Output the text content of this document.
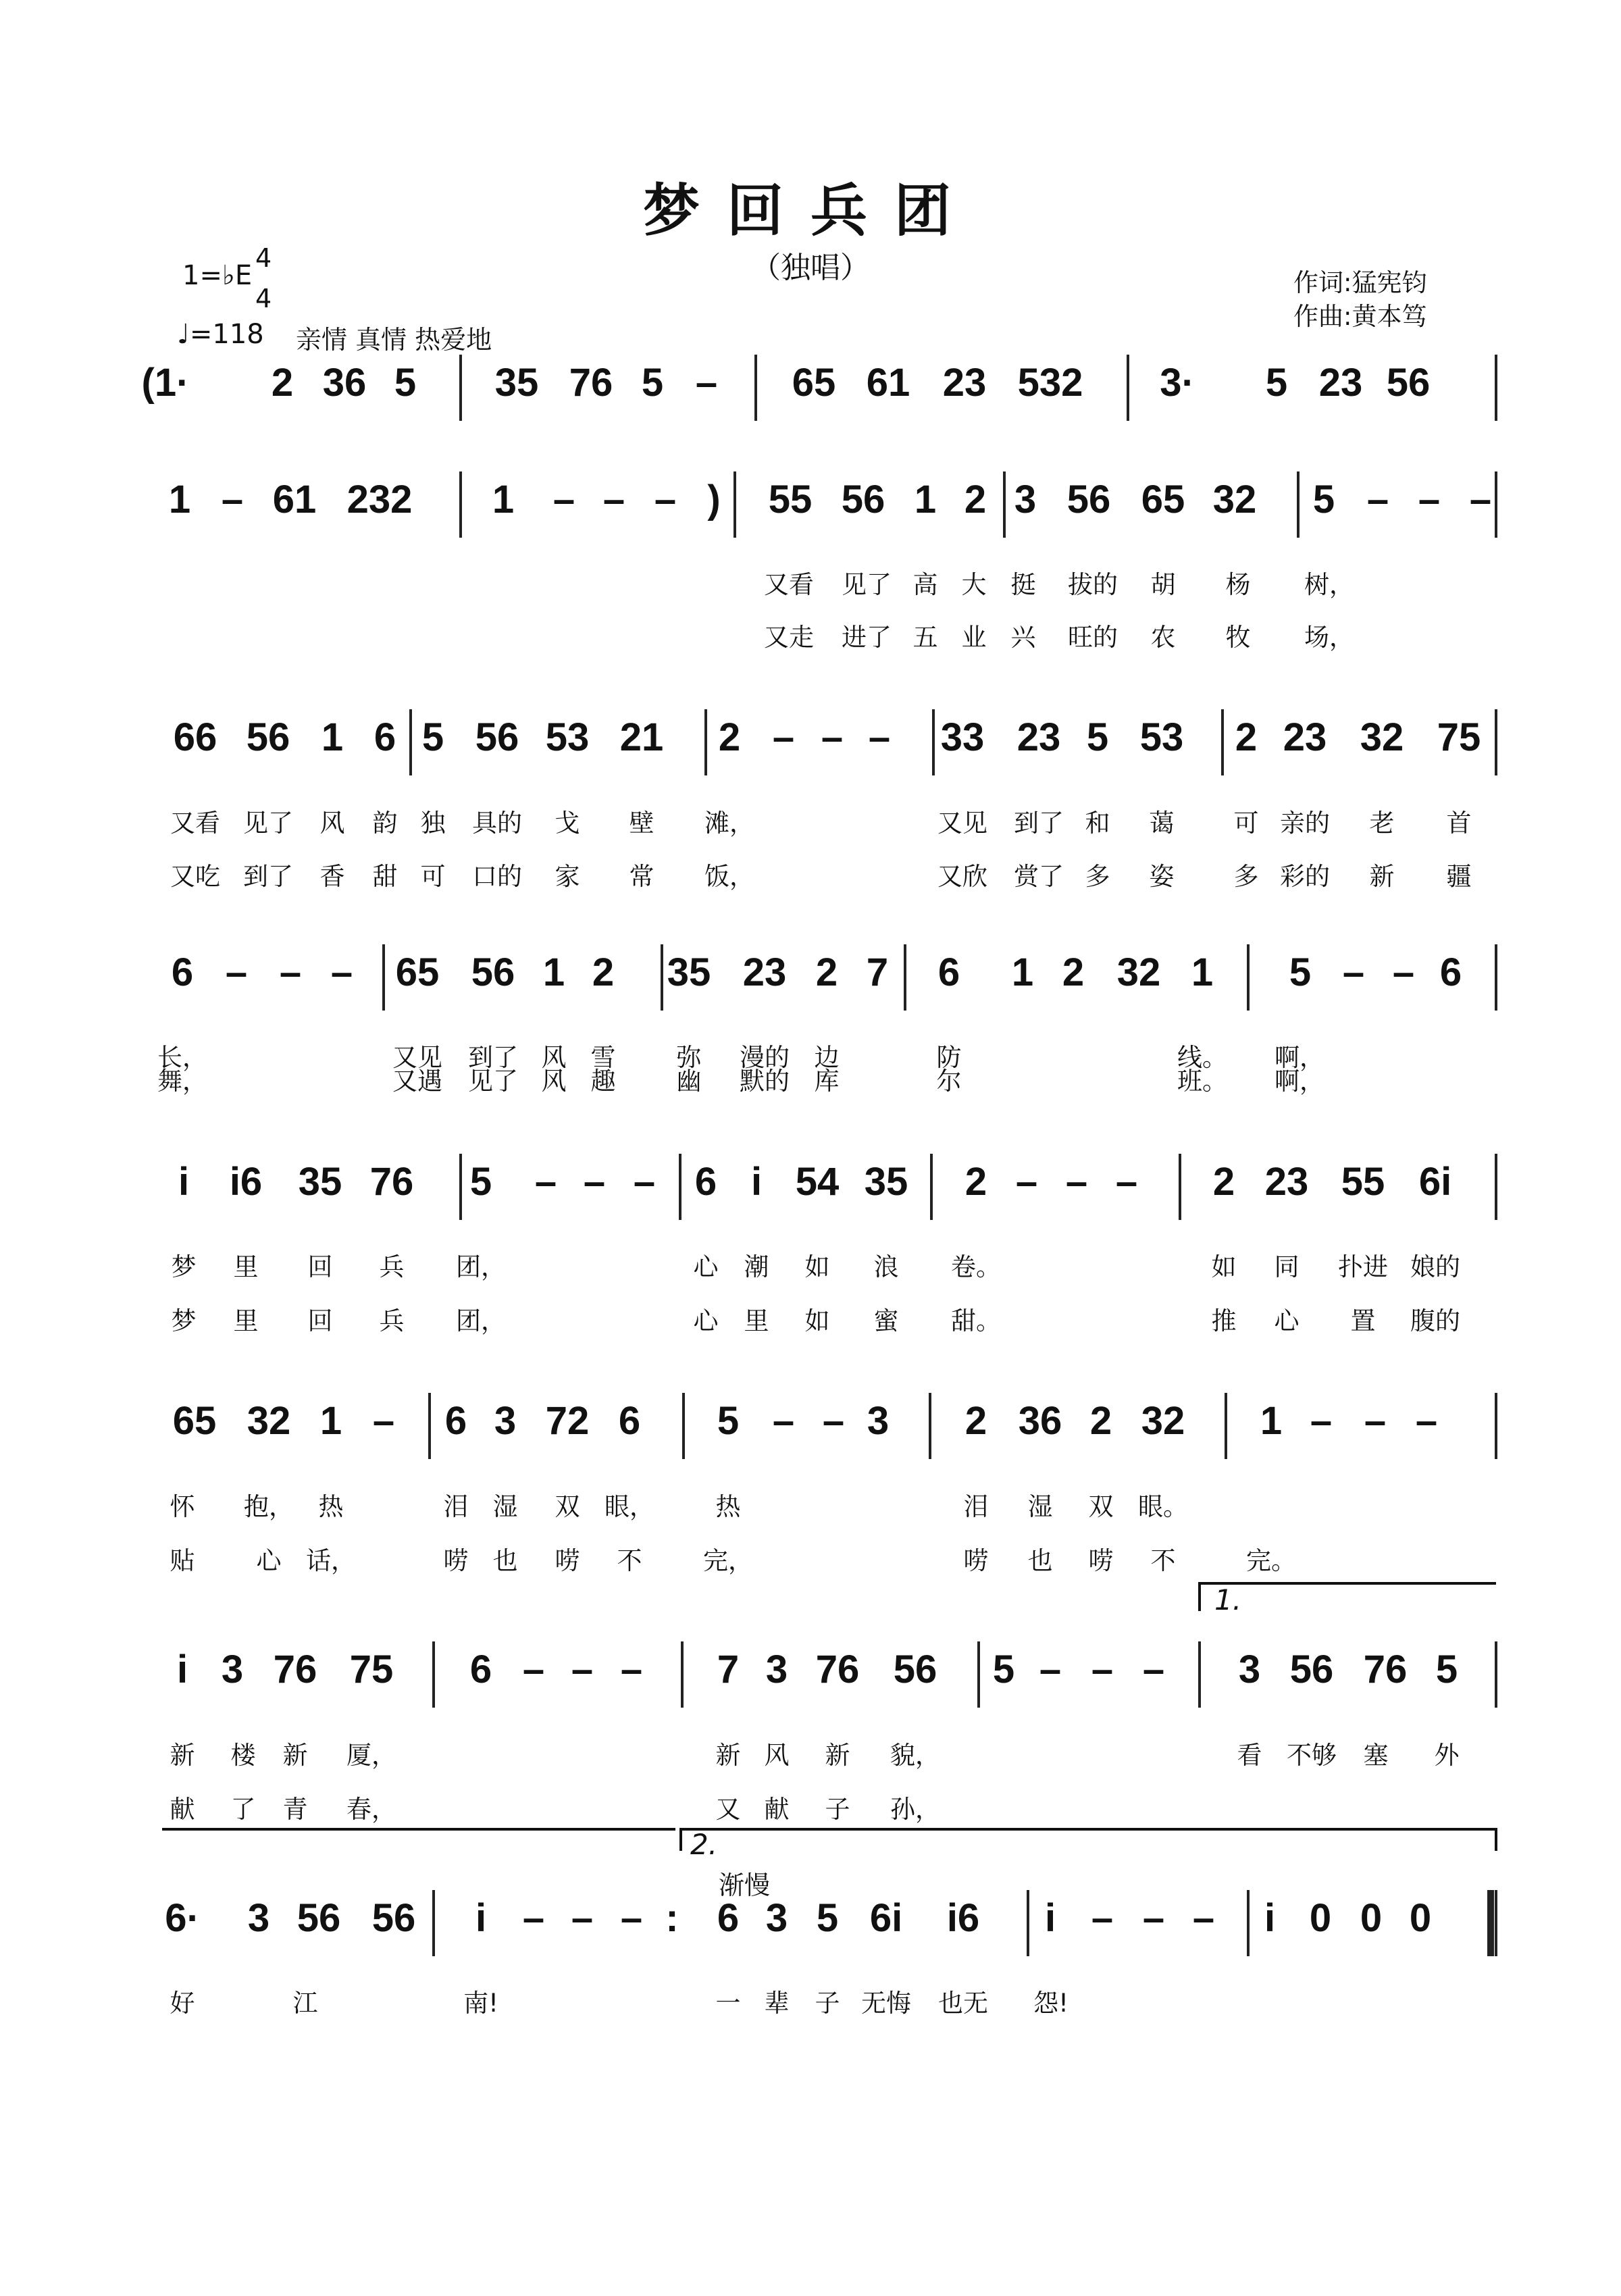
梦回兵团
（独唱）
1=♭E
4
4
♩=118 亲情 真情 热爱地
作词:猛宪钧
作曲:黄本笃
1.
2.
渐慢
(1· 2 36 5 35 76 5 – 65 61 23 532 3· 5 23 56
1 – 61 232 1 – – – ) 55 56 1 2 3 56 65 32 5 – – –
又看 见了 高 大 挺 拔的 胡 杨 树，
又走 进了 五 业 兴 旺的 农 牧 场，
66 56 1 6 5 56 53 21 2 – – – 33 23 5 53 2 23 32 75
又看 见了 风 韵 独 具的 戈 壁 滩，	又见 到了 和 蔼 可 亲的 老 首
又吃 到了 香 甜 可 口的 家 常 饭，	又欣 赏了 多 姿 多 彩的 新 疆
6 – – – 65 56 1 2 35 23 2 7 6 1 2 32 1 5 – – 6
长，	又见 到了 风 雪 弥 漫的 边	防	线。 啊，
舞，	又遇 见了 风 趣 幽 默的 库	尔	班。 啊，
i i6 35 76 5 – – – 6 i 54 35 2 – – – 2 23 55 6i
梦 里 回 兵 团，	心 潮 如 浪 卷。	如 同 扑进 娘的
梦 里 回 兵 团，	心 里 如 蜜 甜。	推 心 置 腹的
65 32 1 – 6 3 72 6 5 – – 3 2 36 2 32 1 – – –
怀 抱， 热	泪 湿 双 眼， 热	泪 湿 双 眼。
贴 心 话，	唠 也 唠 不 完，	唠 也 唠 不	完。
i 3 76 75 6 – – – 7 3 76 56 5 – – – 3 56 76 5
新 楼 新 厦，	新 风 新 貌，	看 不够 塞 外
献 了 青 春，	又 献 子 孙，
6· 3 56 56 i – – – : 6 3 5 6i i6 i – – – i 0 0 0
好	江	南!	一 辈 子 无悔 也无 怨!
